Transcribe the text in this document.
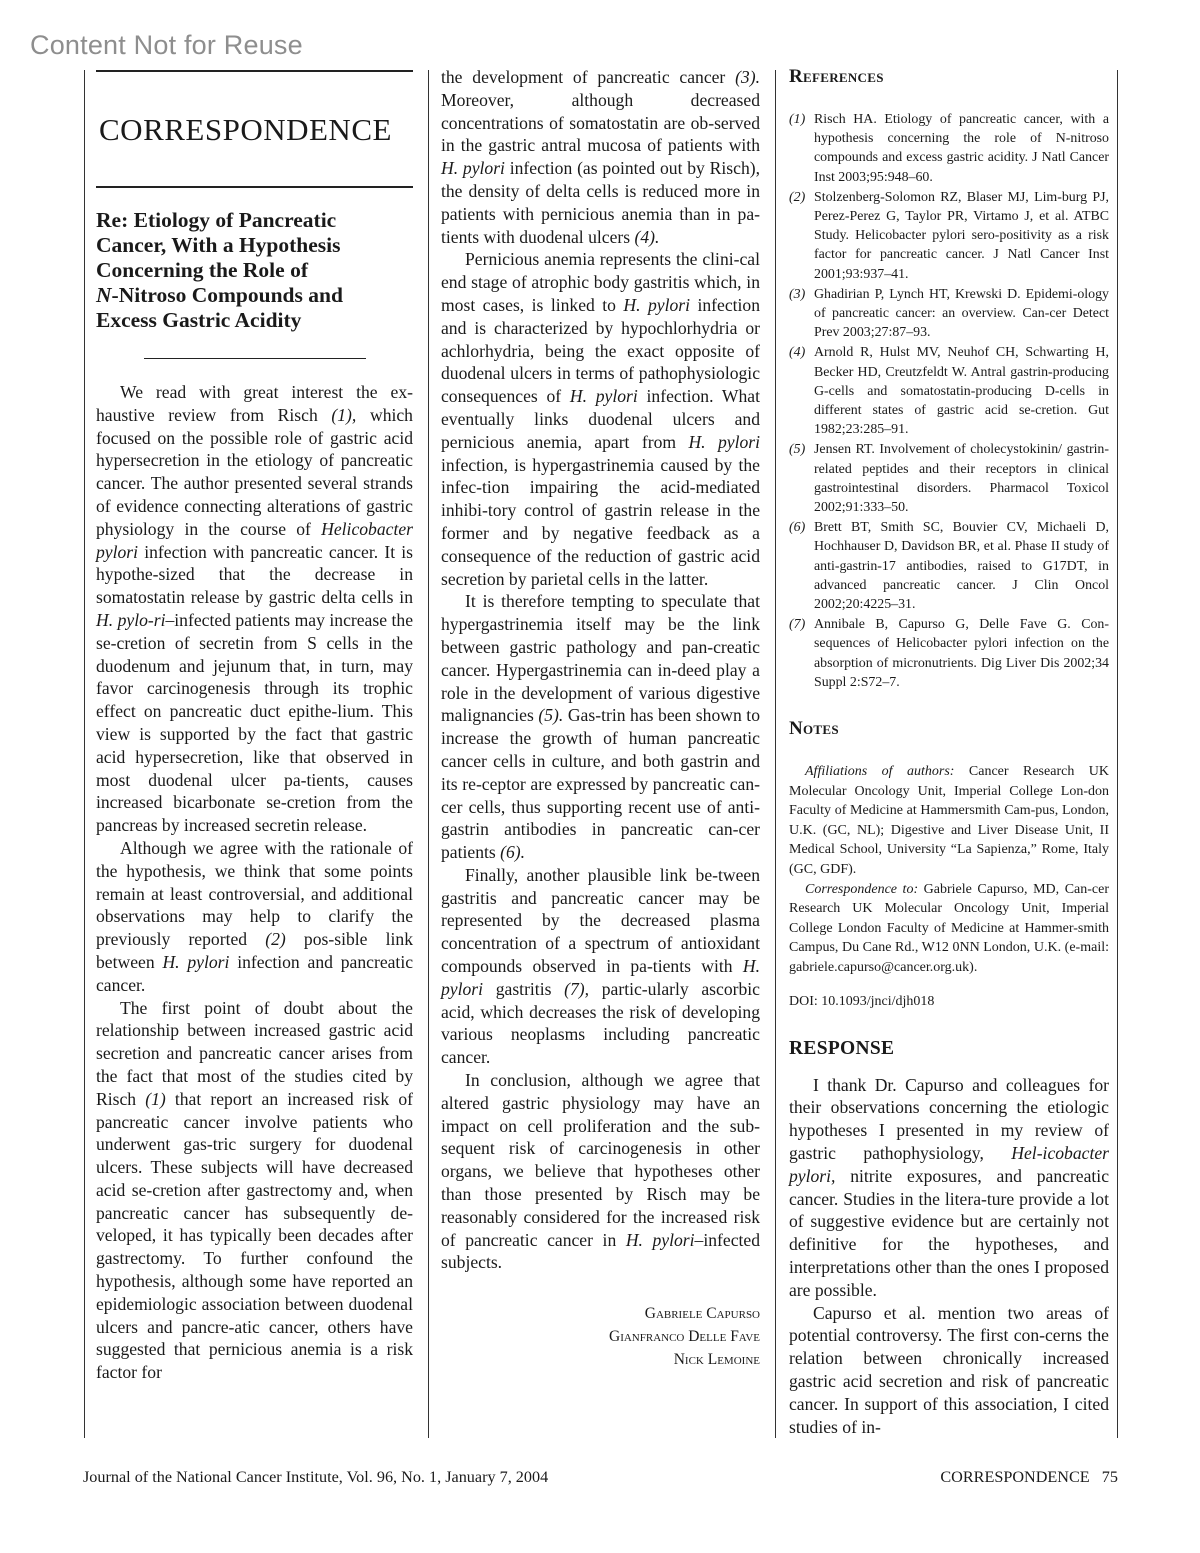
Content Not for Reuse
CORRESPONDENCE
Re: Etiology of Pancreatic
Cancer, With a Hypothesis
Concerning the Role of
N-Nitroso Compounds and
Excess Gastric Acidity

We read with great interest the ex-haustive review from Risch (1), which focused on the possible role of gastric acid hypersecretion in the etiology of pancreatic cancer. The author presented several strands of evidence connecting alterations of gastric physiology in the course of Helicobacter pylori infection with pancreatic cancer. It is hypothe-sized that the decrease in somatostatin release by gastric delta cells in H. pylo-ri–infected patients may increase the se-cretion of secretin from S cells in the duodenum and jejunum that, in turn, may favor carcinogenesis through its trophic effect on pancreatic duct epithe-lium. This view is supported by the fact that gastric acid hypersecretion, like that observed in most duodenal ulcer pa-tients, causes increased bicarbonate se-cretion from the pancreas by increased secretin release.

Although we agree with the rationale of the hypothesis, we think that some points remain at least controversial, and additional observations may help to clarify the previously reported (2) pos-sible link between H. pylori infection and pancreatic cancer.

The first point of doubt about the relationship between increased gastric acid secretion and pancreatic cancer arises from the fact that most of the studies cited by Risch (1) that report an increased risk of pancreatic cancer involve patients who underwent gas-tric surgery for duodenal ulcers. These subjects will have decreased acid se-cretion after gastrectomy and, when pancreatic cancer has subsequently de-veloped, it has typically been decades after gastrectomy. To further confound the hypothesis, although some have reported an epidemiologic association between duodenal ulcers and pancre-atic cancer, others have suggested that pernicious anemia is a risk factor for

the development of pancreatic cancer (3). Moreover, although decreased concentrations of somatostatin are ob-served in the gastric antral mucosa of patients with H. pylori infection (as pointed out by Risch), the density of delta cells is reduced more in patients with pernicious anemia than in pa-tients with duodenal ulcers (4).

Pernicious anemia represents the clini-cal end stage of atrophic body gastritis which, in most cases, is linked to H. pylori infection and is characterized by hypochlorhydria or achlorhydria, being the exact opposite of duodenal ulcers in terms of pathophysiologic consequences of H. pylori infection. What eventually links duodenal ulcers and pernicious anemia, apart from H. pylori infection, is hypergastrinemia caused by the infec-tion impairing the acid-mediated inhibi-tory control of gastrin release in the former and by negative feedback as a consequence of the reduction of gastric acid secretion by parietal cells in the latter.

It is therefore tempting to speculate that hypergastrinemia itself may be the link between gastric pathology and pan-creatic cancer. Hypergastrinemia can in-deed play a role in the development of various digestive malignancies (5). Gas-trin has been shown to increase the growth of human pancreatic cancer cells in culture, and both gastrin and its re-ceptor are expressed by pancreatic can-cer cells, thus supporting recent use of anti-gastrin antibodies in pancreatic can-cer patients (6).

Finally, another plausible link be-tween gastritis and pancreatic cancer may be represented by the decreased plasma concentration of a spectrum of antioxidant compounds observed in pa-tients with H. pylori gastritis (7), partic-ularly ascorbic acid, which decreases the risk of developing various neoplasms including pancreatic cancer.

In conclusion, although we agree that altered gastric physiology may have an impact on cell proliferation and the sub-sequent risk of carcinogenesis in other organs, we believe that hypotheses other than those presented by Risch may be reasonably considered for the increased risk of pancreatic cancer in H. pylori–infected subjects.

Gabriele Capurso
Gianfranco Delle Fave
Nick Lemoine
References
(1) Risch HA. Etiology of pancreatic cancer, with a hypothesis concerning the role of N-nitroso compounds and excess gastric acidity. J Natl Cancer Inst 2003;95:948–60.
(2) Stolzenberg-Solomon RZ, Blaser MJ, Lim-burg PJ, Perez-Perez G, Taylor PR, Virtamo J, et al. ATBC Study. Helicobacter pylori sero-positivity as a risk factor for pancreatic cancer. J Natl Cancer Inst 2001;93:937–41.
(3) Ghadirian P, Lynch HT, Krewski D. Epidemi-ology of pancreatic cancer: an overview. Can-cer Detect Prev 2003;27:87–93.
(4) Arnold R, Hulst MV, Neuhof CH, Schwarting H, Becker HD, Creutzfeldt W. Antral gastrin-producing G-cells and somatostatin-producing D-cells in different states of gastric acid se-cretion. Gut 1982;23:285–91.
(5) Jensen RT. Involvement of cholecystokinin/ gastrin-related peptides and their receptors in clinical gastrointestinal disorders. Pharmacol Toxicol 2002;91:333–50.
(6) Brett BT, Smith SC, Bouvier CV, Michaeli D, Hochhauser D, Davidson BR, et al. Phase II study of anti-gastrin-17 antibodies, raised to G17DT, in advanced pancreatic cancer. J Clin Oncol 2002;20:4225–31.
(7) Annibale B, Capurso G, Delle Fave G. Con-sequences of Helicobacter pylori infection on the absorption of micronutrients. Dig Liver Dis 2002;34 Suppl 2:S72–7.
Notes

Affiliations of authors: Cancer Research UK Molecular Oncology Unit, Imperial College Lon-don Faculty of Medicine at Hammersmith Cam-pus, London, U.K. (GC, NL); Digestive and Liver Disease Unit, II Medical School, University “La Sapienza,” Rome, Italy (GC, GDF).

Correspondence to: Gabriele Capurso, MD, Can-cer Research UK Molecular Oncology Unit, Imperial College London Faculty of Medicine at Hammer-smith Campus, Du Cane Rd., W12 0NN London, U.K. (e-mail: gabriele.capurso@cancer.org.uk).

DOI: 10.1093/jnci/djh018
RESPONSE

I thank Dr. Capurso and colleagues for their observations concerning the etiologic hypotheses I presented in my review of gastric pathophysiology, Hel-icobacter pylori, nitrite exposures, and pancreatic cancer. Studies in the litera-ture provide a lot of suggestive evidence but are certainly not definitive for the hypotheses, and interpretations other than the ones I proposed are possible.

Capurso et al. mention two areas of potential controversy. The first con-cerns the relation between chronically increased gastric acid secretion and risk of pancreatic cancer. In support of this association, I cited studies of in-

Journal of the National Cancer Institute, Vol. 96, No. 1, January 7, 2004	CORRESPONDENCE   75
